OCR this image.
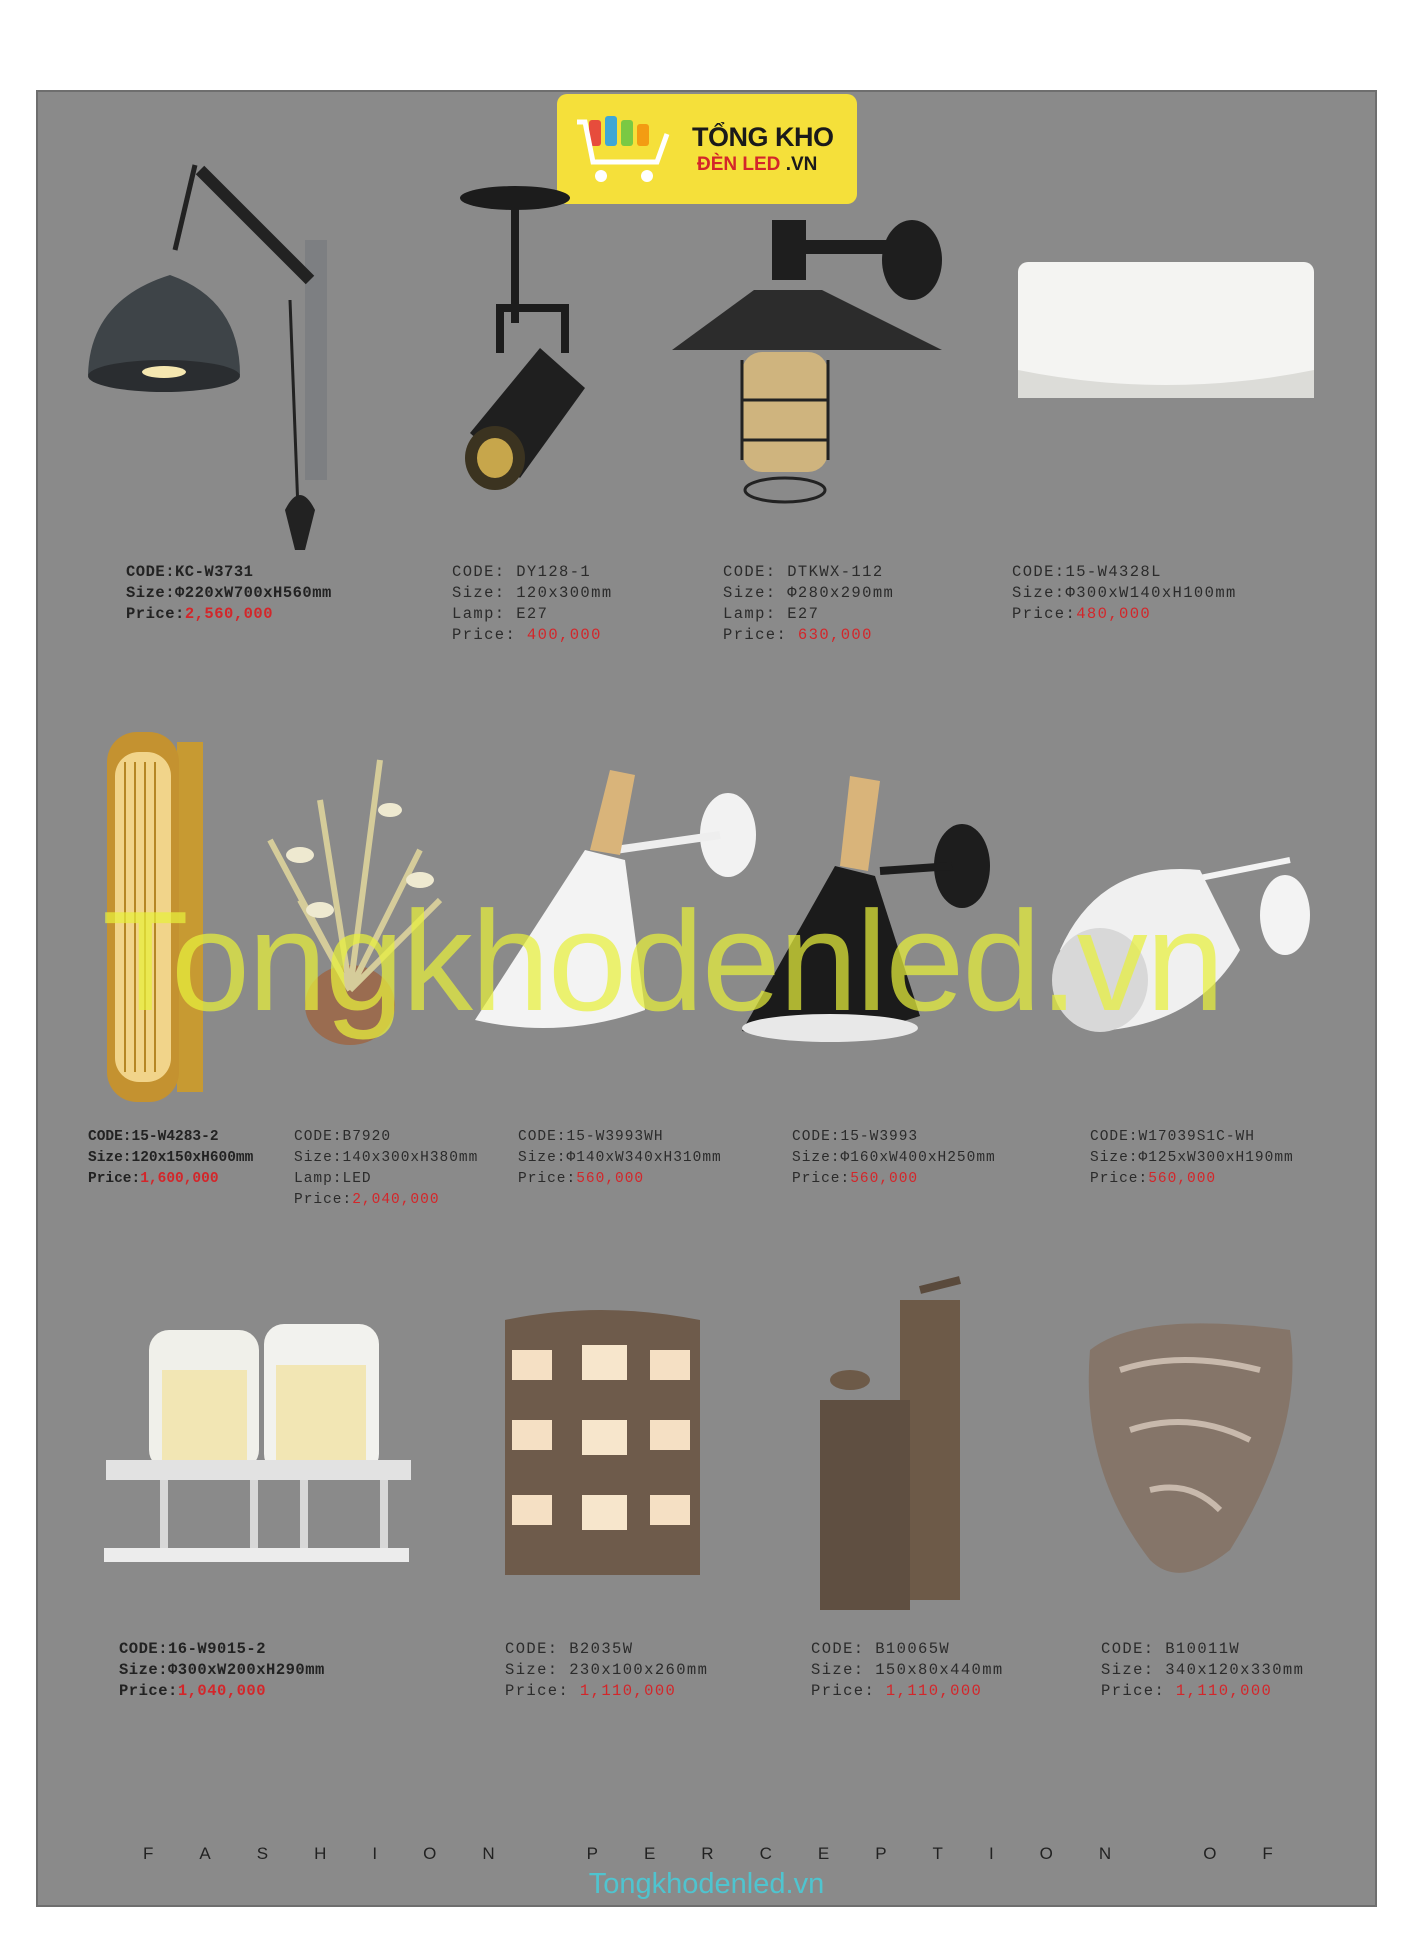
TỔNG KHO
ĐÈN LED .VN
CODE:KC-W3731
Size:Φ220xW700xH560mm
Price:2,560,000
CODE: DY128-1
Size: 120x300mm
Lamp: E27
Price: 400,000
CODE: DTKWX-112
Size: Φ280x290mm
Lamp: E27
Price: 630,000
CODE:15-W4328L
Size:Φ300xW140xH100mm
Price:480,000
CODE:15-W4283-2
Size:120x150xH600mm
Price:1,600,000
CODE:B7920
Size:140x300xH380mm
Lamp:LED
Price:2,040,000
CODE:15-W3993WH
Size:Φ140xW340xH310mm
Price:560,000
CODE:15-W3993
Size:Φ160xW400xH250mm
Price:560,000
CODE:W17039S1C-WH
Size:Φ125xW300xH190mm
Price:560,000
CODE:16-W9015-2
Size:Φ300xW200xH290mm
Price:1,040,000
CODE: B2035W
Size: 230x100x260mm
Price: 1,110,000
CODE: B10065W
Size: 150x80x440mm
Price: 1,110,000
CODE: B10011W
Size: 340x120x330mm
Price: 1,110,000
Tongkhodenled.vn
F	A	S	H	I	O	N	P	E	R	C	E	P	T	I	O	N	O	F
Tongkhodenled.vn
